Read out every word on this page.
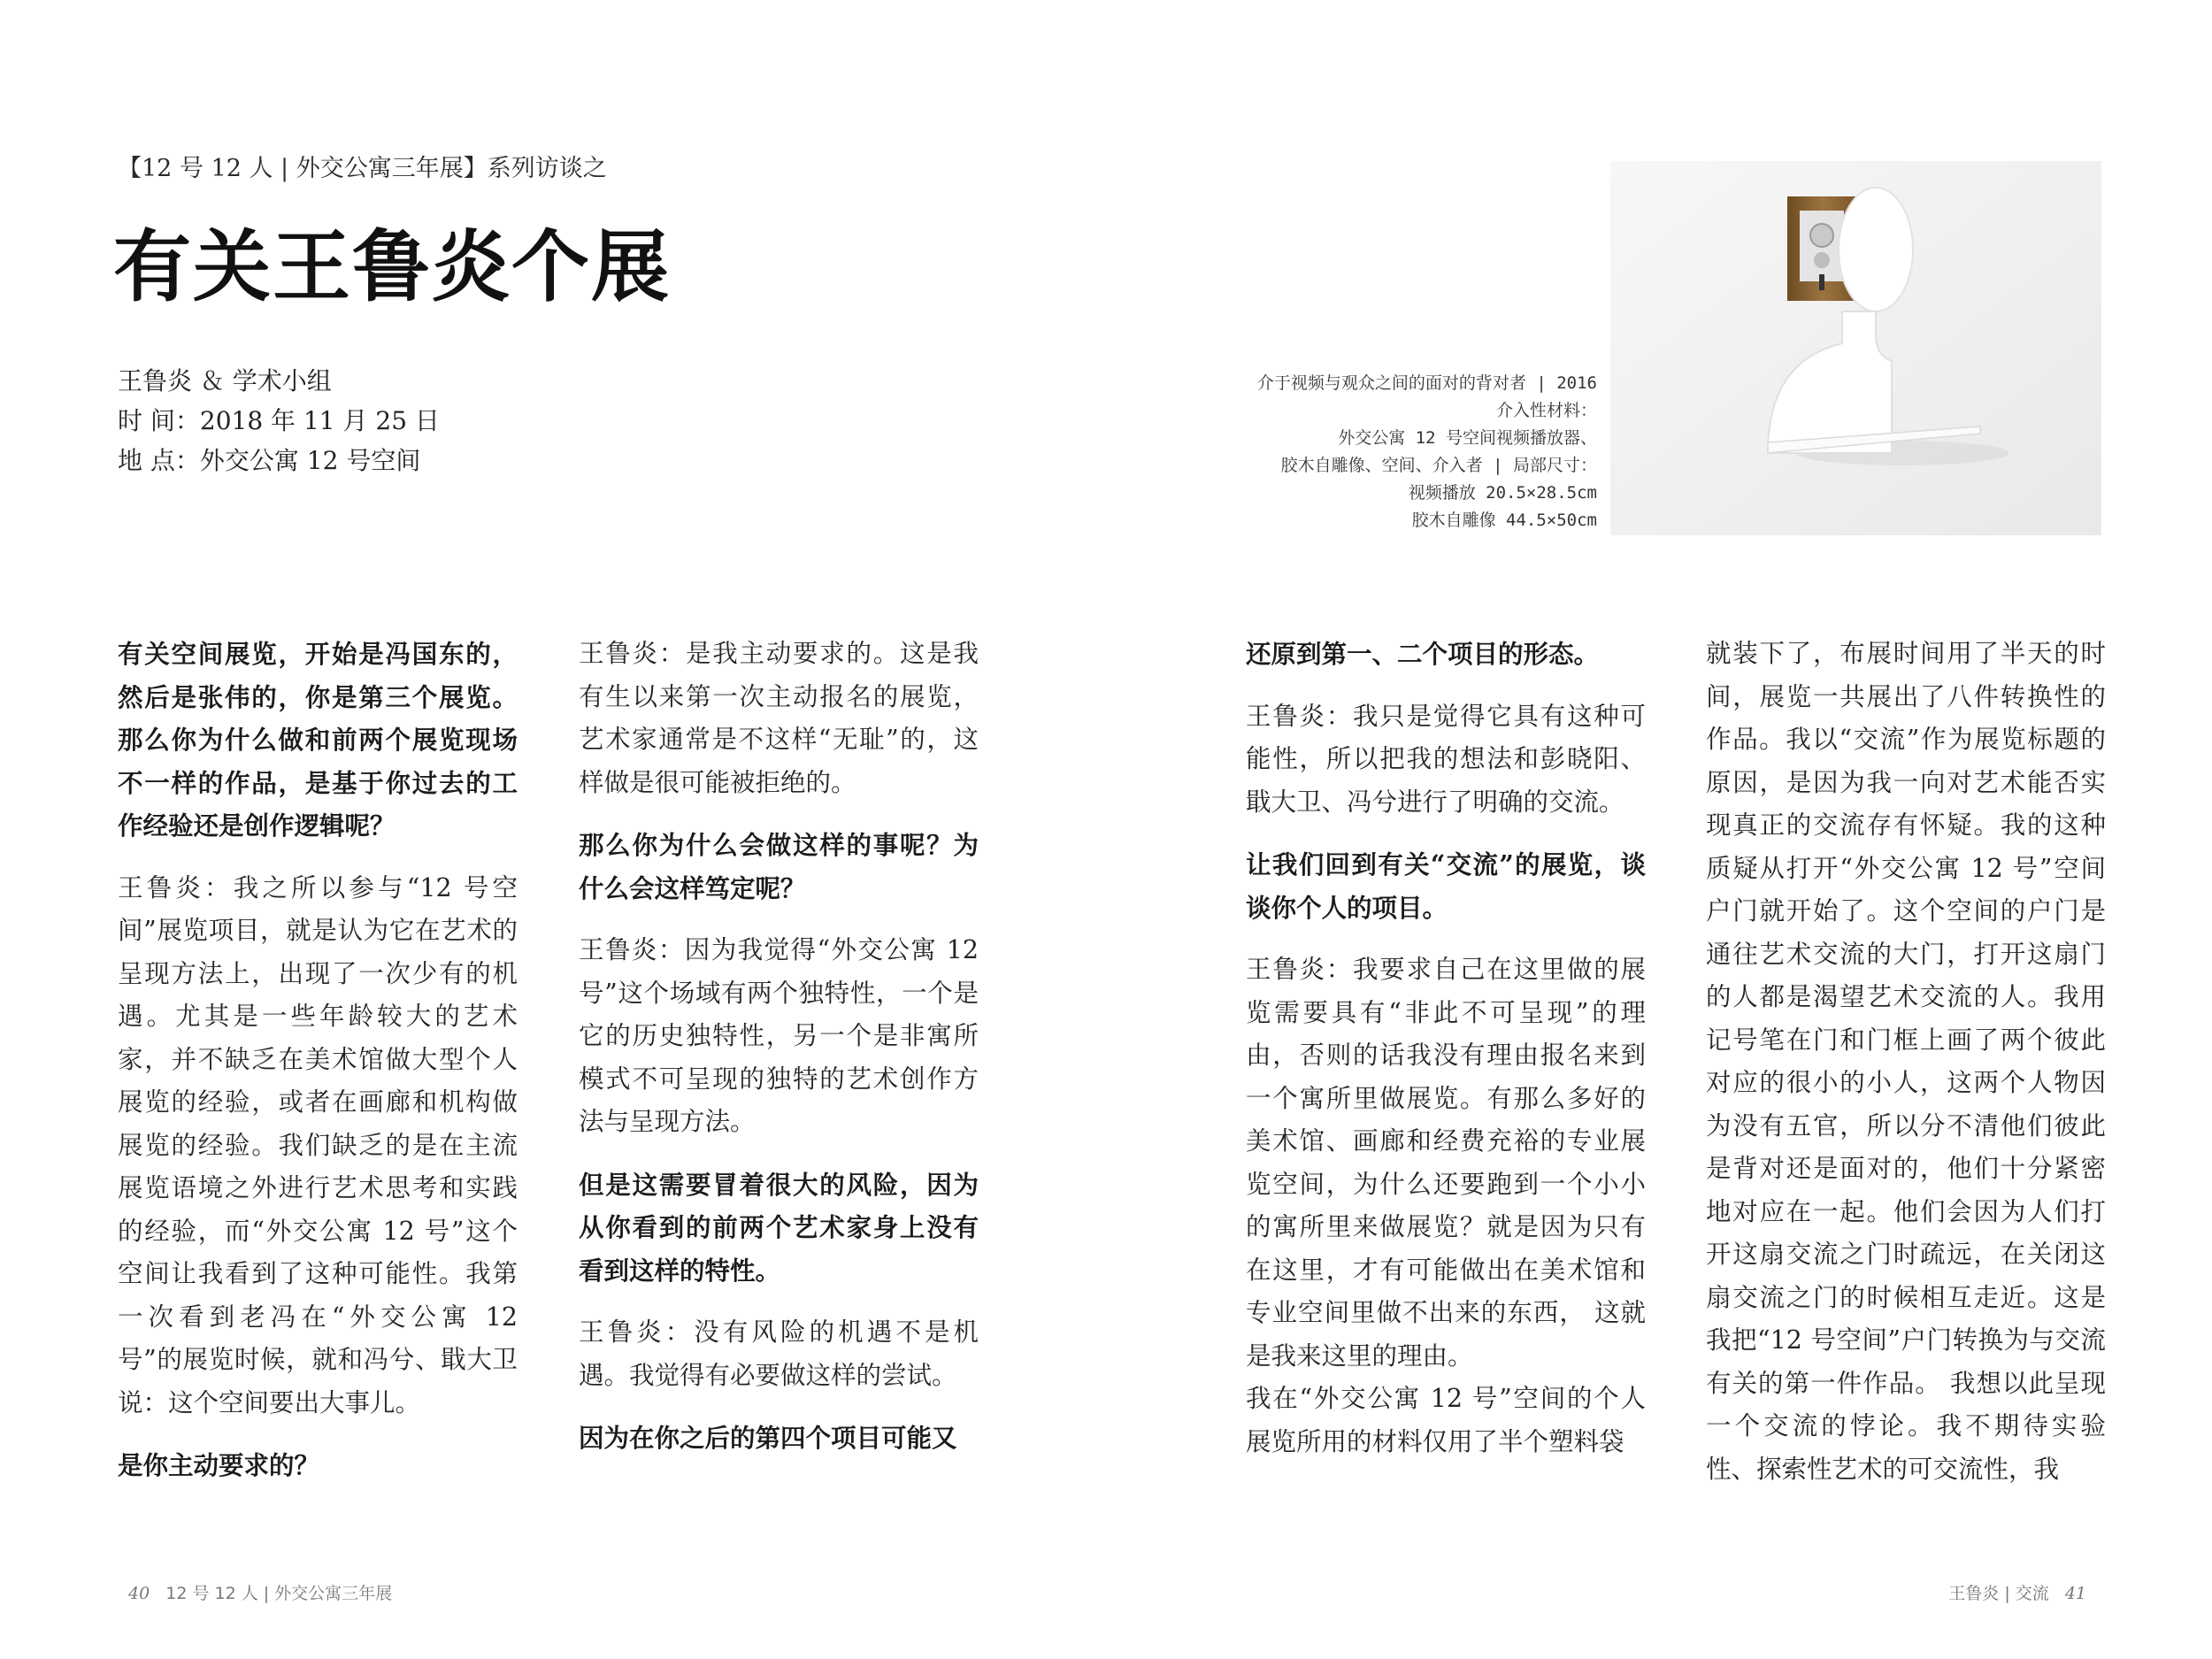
【12 号 12 人 | 外交公寓三年展】系列访谈之
有关王鲁炎个展
王鲁炎 ＆ 学术小组
时 间：2018 年 11 月 25 日
地 点：外交公寓 12 号空间
介于视频与观众之间的面对的背对者 | 2016
介入性材料：
外交公寓 12 号空间视频播放器、
胶木自雕像、空间、介入者 | 局部尺寸：
视频播放 20.5×28.5cm
胶木自雕像 44.5×50cm

有关空间展览，开始是冯国东的，然后是张伟的，你是第三个展览。那么你为什么做和前两个展览现场不一样的作品，是基于你过去的工作经验还是创作逻辑呢？

王鲁炎：我之所以参与“12 号空间”展览项目，就是认为它在艺术的呈现方法上，出现了一次少有的机遇。尤其是一些年龄较大的艺术家，并不缺乏在美术馆做大型个人展览的经验，或者在画廊和机构做展览的经验。我们缺乏的是在主流展览语境之外进行艺术思考和实践的经验，而“外交公寓 12 号”这个空间让我看到了这种可能性。我第一次看到老冯在“外交公寓 12 号”的展览时候，就和冯兮、戢大卫说：这个空间要出大事儿。

是你主动要求的？

王鲁炎：是我主动要求的。这是我有生以来第一次主动报名的展览，艺术家通常是不这样“无耻”的，这样做是很可能被拒绝的。

那么你为什么会做这样的事呢？为什么会这样笃定呢？

王鲁炎：因为我觉得“外交公寓 12 号”这个场域有两个独特性，一个是它的历史独特性，另一个是非寓所模式不可呈现的独特的艺术创作方法与呈现方法。

但是这需要冒着很大的风险，因为从你看到的前两个艺术家身上没有看到这样的特性。

王鲁炎：没有风险的机遇不是机遇。我觉得有必要做这样的尝试。

因为在你之后的第四个项目可能又

还原到第一、二个项目的形态。

王鲁炎：我只是觉得它具有这种可能性，所以把我的想法和彭晓阳、戢大卫、冯兮进行了明确的交流。

让我们回到有关“交流”的展览，谈谈你个人的项目。

王鲁炎：我要求自己在这里做的展览需要具有“非此不可呈现”的理由，否则的话我没有理由报名来到一个寓所里做展览。有那么多好的美术馆、画廊和经费充裕的专业展览空间，为什么还要跑到一个小小的寓所里来做展览？就是因为只有在这里，才有可能做出在美术馆和专业空间里做不出来的东西， 这就是我来这里的理由。

我在“外交公寓 12 号”空间的个人展览所用的材料仅用了半个塑料袋

就装下了，布展时间用了半天的时间，展览一共展出了八件转换性的作品。我以“交流”作为展览标题的原因，是因为我一向对艺术能否实现真正的交流存有怀疑。我的这种质疑从打开“外交公寓 12 号”空间户门就开始了。这个空间的户门是通往艺术交流的大门，打开这扇门的人都是渴望艺术交流的人。我用记号笔在门和门框上画了两个彼此对应的很小的小人，这两个人物因为没有五官，所以分不清他们彼此是背对还是面对的，他们十分紧密地对应在一起。他们会因为人们打开这扇交流之门时疏远，在关闭这扇交流之门的时候相互走近。这是我把“12 号空间”户门转换为与交流有关的第一件作品。 我想以此呈现一个交流的悖论。我不期待实验性、探索性艺术的可交流性，我

40 12 号 12 人 | 外交公寓三年展	王鲁炎 | 交流 41
